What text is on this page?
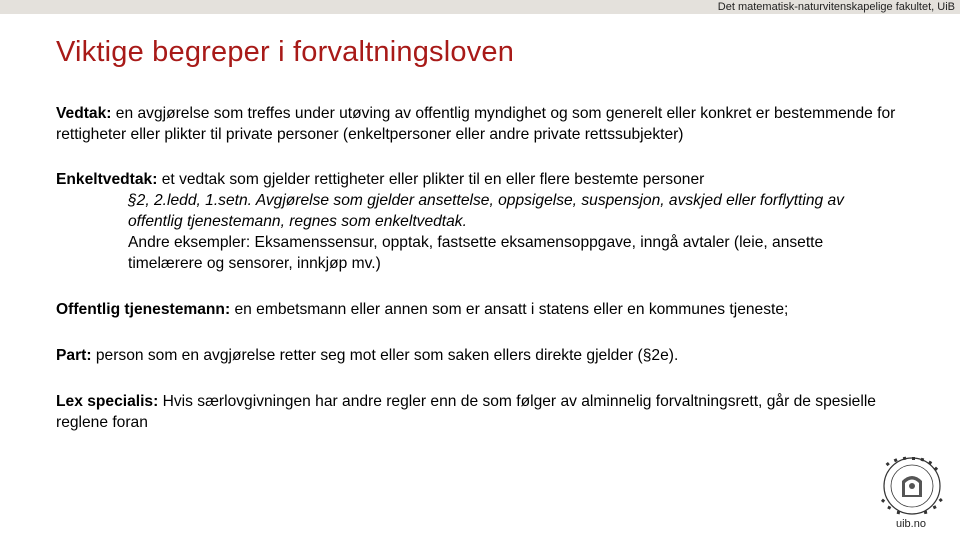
Det matematisk-naturvitenskapelige fakultet, UiB
Viktige begreper i forvaltningsloven

Vedtak: en avgjørelse som treffes under utøving av offentlig myndighet og som generelt eller konkret er bestemmende for rettigheter eller plikter til private personer (enkeltpersoner eller andre private rettssubjekter)

Enkeltvedtak: et vedtak som gjelder rettigheter eller plikter til en eller flere bestemte personer

§2, 2.ledd, 1.setn. Avgjørelse som gjelder ansettelse, oppsigelse, suspensjon, avskjed eller forflytting av offentlig tjenestemann, regnes som enkeltvedtak.

Andre eksempler: Eksamenssensur, opptak, fastsette eksamensoppgave, inngå avtaler (leie, ansette timelærere og sensorer, innkjøp mv.)

Offentlig tjenestemann: en embetsmann eller annen som er ansatt i statens eller en kommunes tjeneste;

Part: person som en avgjørelse retter seg mot eller som saken ellers direkte gjelder (§2e).

Lex specialis: Hvis særlovgivningen har andre regler enn de som følger av alminnelig forvaltningsrett, går de spesielle reglene foran

uib.no
